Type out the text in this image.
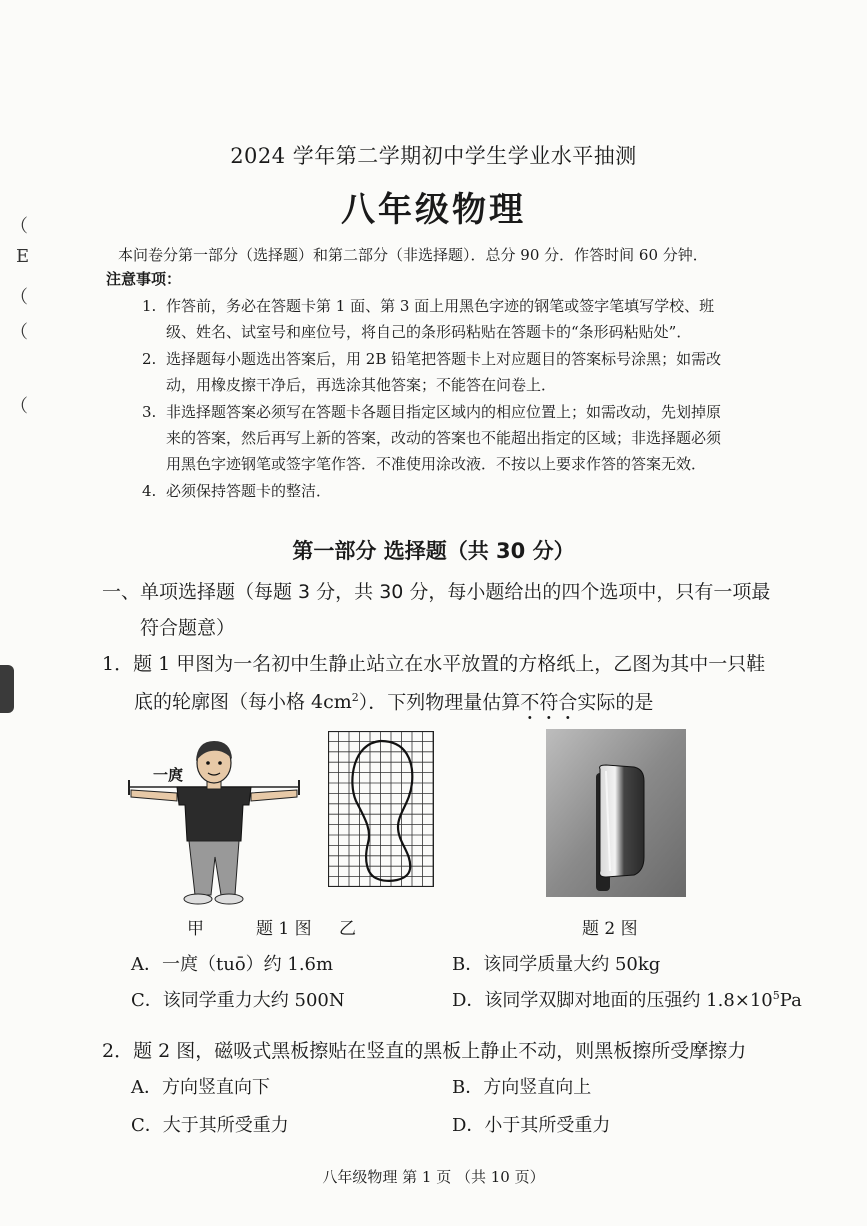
（
E
（
（
（
2024 学年第二学期初中学生学业水平抽测
八年级物理
本问卷分第一部分（选择题）和第二部分（非选择题）．总分 90 分．作答时间 60 分钟．
注意事项：
1. 作答前，务必在答题卡第 1 面、第 3 面上用黑色字迹的钢笔或签字笔填写学校、班
级、姓名、试室号和座位号，将自己的条形码粘贴在答题卡的“条形码粘贴处”．
2. 选择题每小题选出答案后，用 2B 铅笔把答题卡上对应题目的答案标号涂黑；如需改
动，用橡皮擦干净后，再选涂其他答案；不能答在问卷上．
3. 非选择题答案必须写在答题卡各题目指定区域内的相应位置上；如需改动，先划掉原
来的答案，然后再写上新的答案，改动的答案也不能超出指定的区域；非选择题必须
用黑色字迹钢笔或签字笔作答．不准使用涂改液．不按以上要求作答的答案无效．
4. 必须保持答题卡的整洁．
第一部分 选择题（共 30 分）
一、单项选择题（每题 3 分，共 30 分，每小题给出的四个选项中，只有一项最
符合题意）
1．题 1 甲图为一名初中生静止站立在水平放置的方格纸上，乙图为其中一只鞋
底的轮廓图（每小格 $4cm^2$）．下列物理量估算不符合实际的是
一庹
甲	题 1 图 乙	题 2 图
A．一庹（tuō）约 1.6m	B．该同学质量大约 50kg
C．该同学重力大约 500N	D．该同学双脚对地面的压强约 $1.8\times 10^5Pa$
2．题 2 图，磁吸式黑板擦贴在竖直的黑板上静止不动，则黑板擦所受摩擦力
A．方向竖直向下	B．方向竖直向上
C．大于其所受重力	D．小于其所受重力
八年级物理 第 1 页 （共 10 页）
